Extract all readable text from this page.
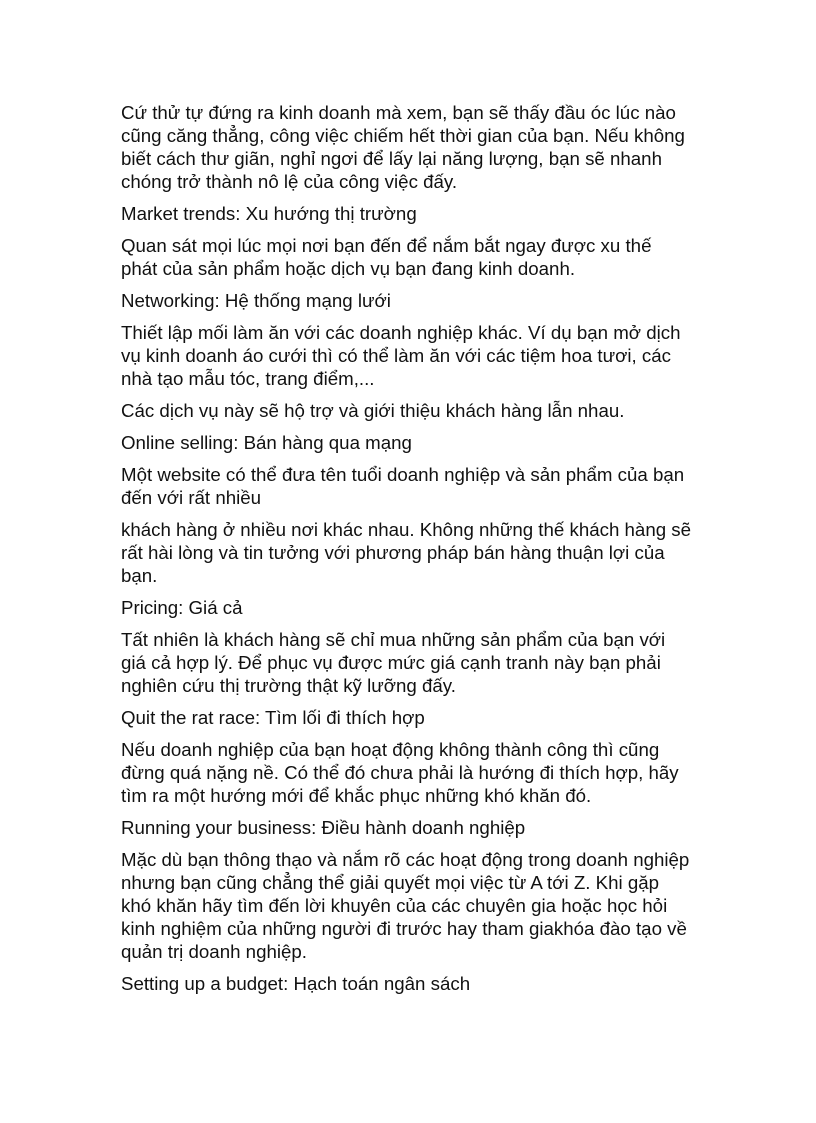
Cứ thử tự đứng ra kinh doanh mà xem, bạn sẽ thấy đầu óc lúc nào
cũng căng thẳng, công việc chiếm hết thời gian của bạn. Nếu không
biết cách thư giãn, nghỉ ngơi để lấy lại năng lượng, bạn sẽ nhanh
chóng trở thành nô lệ của công việc đấy.

Market trends: Xu hướng thị trường

Quan sát mọi lúc mọi nơi bạn đến để nắm bắt ngay được xu thế
phát của sản phẩm hoặc dịch vụ bạn đang kinh doanh.

Networking: Hệ thống mạng lưới

Thiết lập mối làm ăn với các doanh nghiệp khác. Ví dụ bạn mở dịch
vụ kinh doanh áo cưới thì có thể làm ăn với các tiệm hoa tươi, các
nhà tạo mẫu tóc, trang điểm,...

Các dịch vụ này sẽ hộ trợ và giới thiệu khách hàng lẫn nhau.

Online selling: Bán hàng qua mạng

Một website có thể đưa tên tuổi doanh nghiệp và sản phẩm của bạn
đến với rất nhiều

khách hàng ở nhiều nơi khác nhau. Không những thế khách hàng sẽ
rất hài lòng và tin tưởng với phương pháp bán hàng thuận lợi của
bạn.

Pricing: Giá cả

Tất nhiên là khách hàng sẽ chỉ mua những sản phẩm của bạn với
giá cả hợp lý. Để phục vụ được mức giá cạnh tranh này bạn phải
nghiên cứu thị trường thật kỹ lưỡng đấy.

Quit the rat race: Tìm lối đi thích hợp

Nếu doanh nghiệp của bạn hoạt động không thành công thì cũng
đừng quá nặng nề. Có thể đó chưa phải là hướng đi thích hợp, hãy
tìm ra một hướng mới để khắc phục những khó khăn đó.

Running your business: Điều hành doanh nghiệp

Mặc dù bạn thông thạo và nắm rõ các hoạt động trong doanh nghiệp
nhưng bạn cũng chẳng thể giải quyết mọi việc từ A tới Z. Khi gặp
khó khăn hãy tìm đến lời khuyên của các chuyên gia hoặc học hỏi
kinh nghiệm của những người đi trước hay tham giakhóa đào tạo về
quản trị doanh nghiệp.

Setting up a budget: Hạch toán ngân sách
